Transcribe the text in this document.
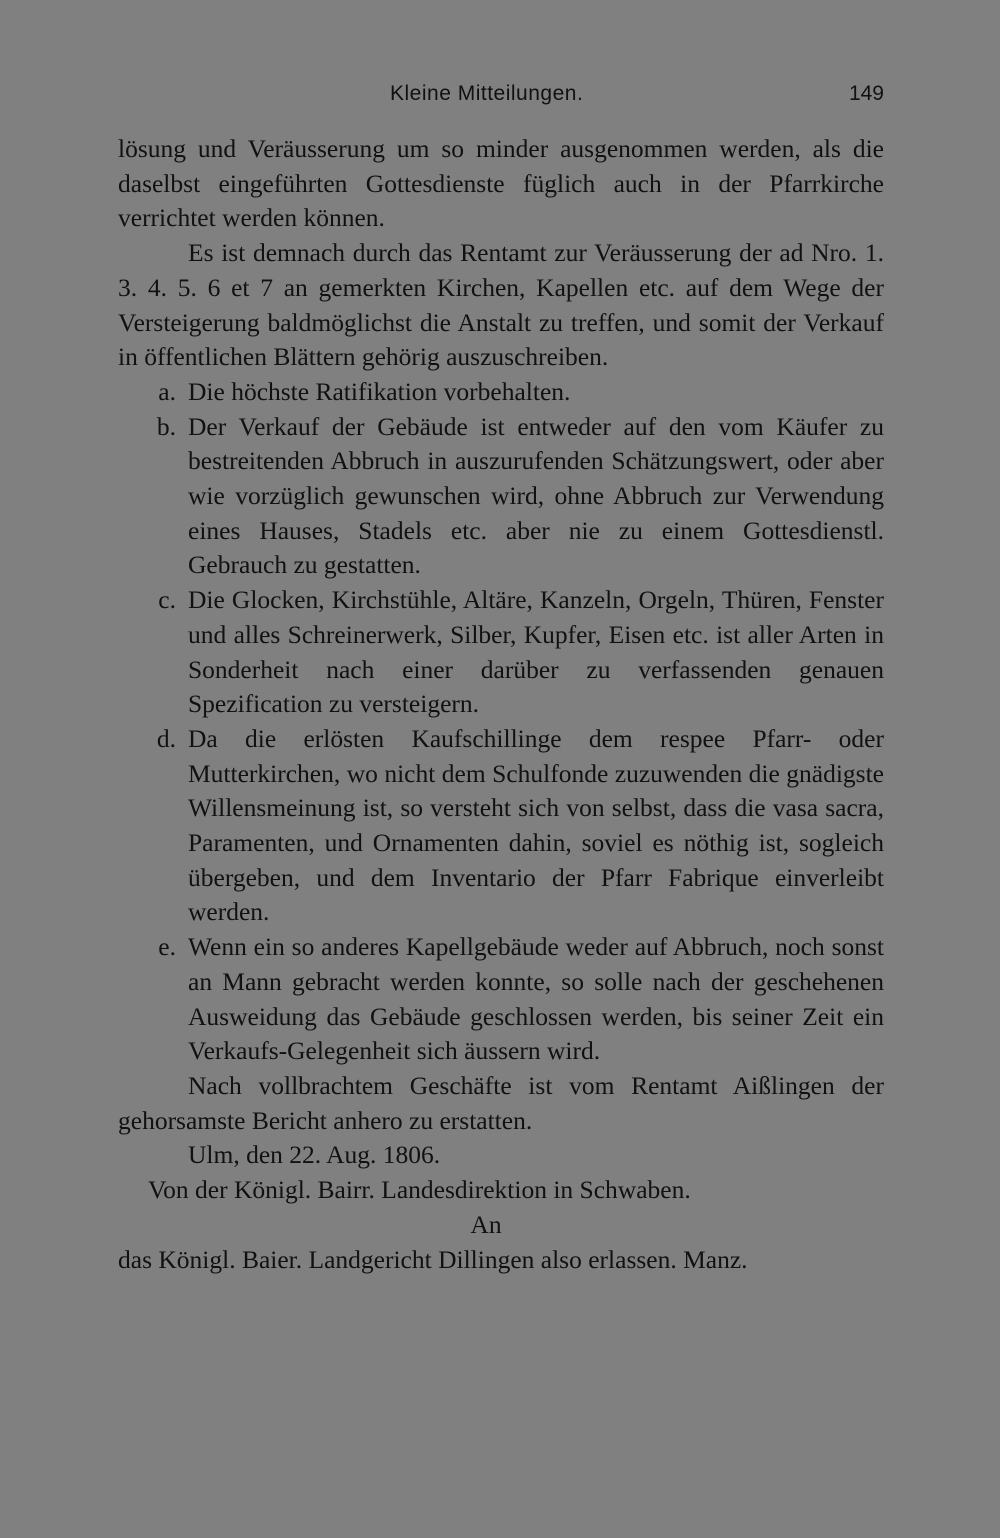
Kleine Mitteilungen.	149

lösung und Veräusserung um so minder ausgenommen werden, als die daselbst eingeführten Gottesdienste füglich auch in der Pfarrkirche verrichtet werden können.

Es ist demnach durch das Rentamt zur Veräusserung der ad Nro. 1. 3. 4. 5. 6 et 7 an gemerkten Kirchen, Kapellen etc. auf dem Wege der Versteigerung baldmöglichst die Anstalt zu treffen, und somit der Verkauf in öffentlichen Blättern gehörig auszuschreiben.

a. Die höchste Ratifikation vorbehalten.
b. Der Verkauf der Gebäude ist entweder auf den vom Käufer zu bestreitenden Abbruch in auszurufenden Schätzungswert, oder aber wie vorzüglich gewunschen wird, ohne Abbruch zur Verwendung eines Hauses, Stadels etc. aber nie zu einem Gottesdienstl. Gebrauch zu gestatten.
c. Die Glocken, Kirchstühle, Altäre, Kanzeln, Orgeln, Thüren, Fenster und alles Schreinerwerk, Silber, Kupfer, Eisen etc. ist aller Arten in Sonderheit nach einer darüber zu verfassenden genauen Spezification zu versteigern.
d. Da die erlösten Kaufschillinge dem respee Pfarr- oder Mutterkirchen, wo nicht dem Schulfonde zuzuwenden die gnädigste Willensmeinung ist, so versteht sich von selbst, dass die vasa sacra, Paramenten, und Ornamenten dahin, soviel es nöthig ist, sogleich übergeben, und dem Inventario der Pfarr Fabrique einverleibt werden.
e. Wenn ein so anderes Kapellgebäude weder auf Abbruch, noch sonst an Mann gebracht werden konnte, so solle nach der geschehenen Ausweidung das Gebäude geschlossen werden, bis seiner Zeit ein Verkaufs-Gelegenheit sich äussern wird.

Nach vollbrachtem Geschäfte ist vom Rentamt Aißlingen der gehorsamste Bericht anhero zu erstatten.

Ulm, den 22. Aug. 1806.

Von der Königl. Bairr. Landesdirektion in Schwaben.

An

das Königl. Baier. Landgericht Dillingen also erlassen. Manz.
